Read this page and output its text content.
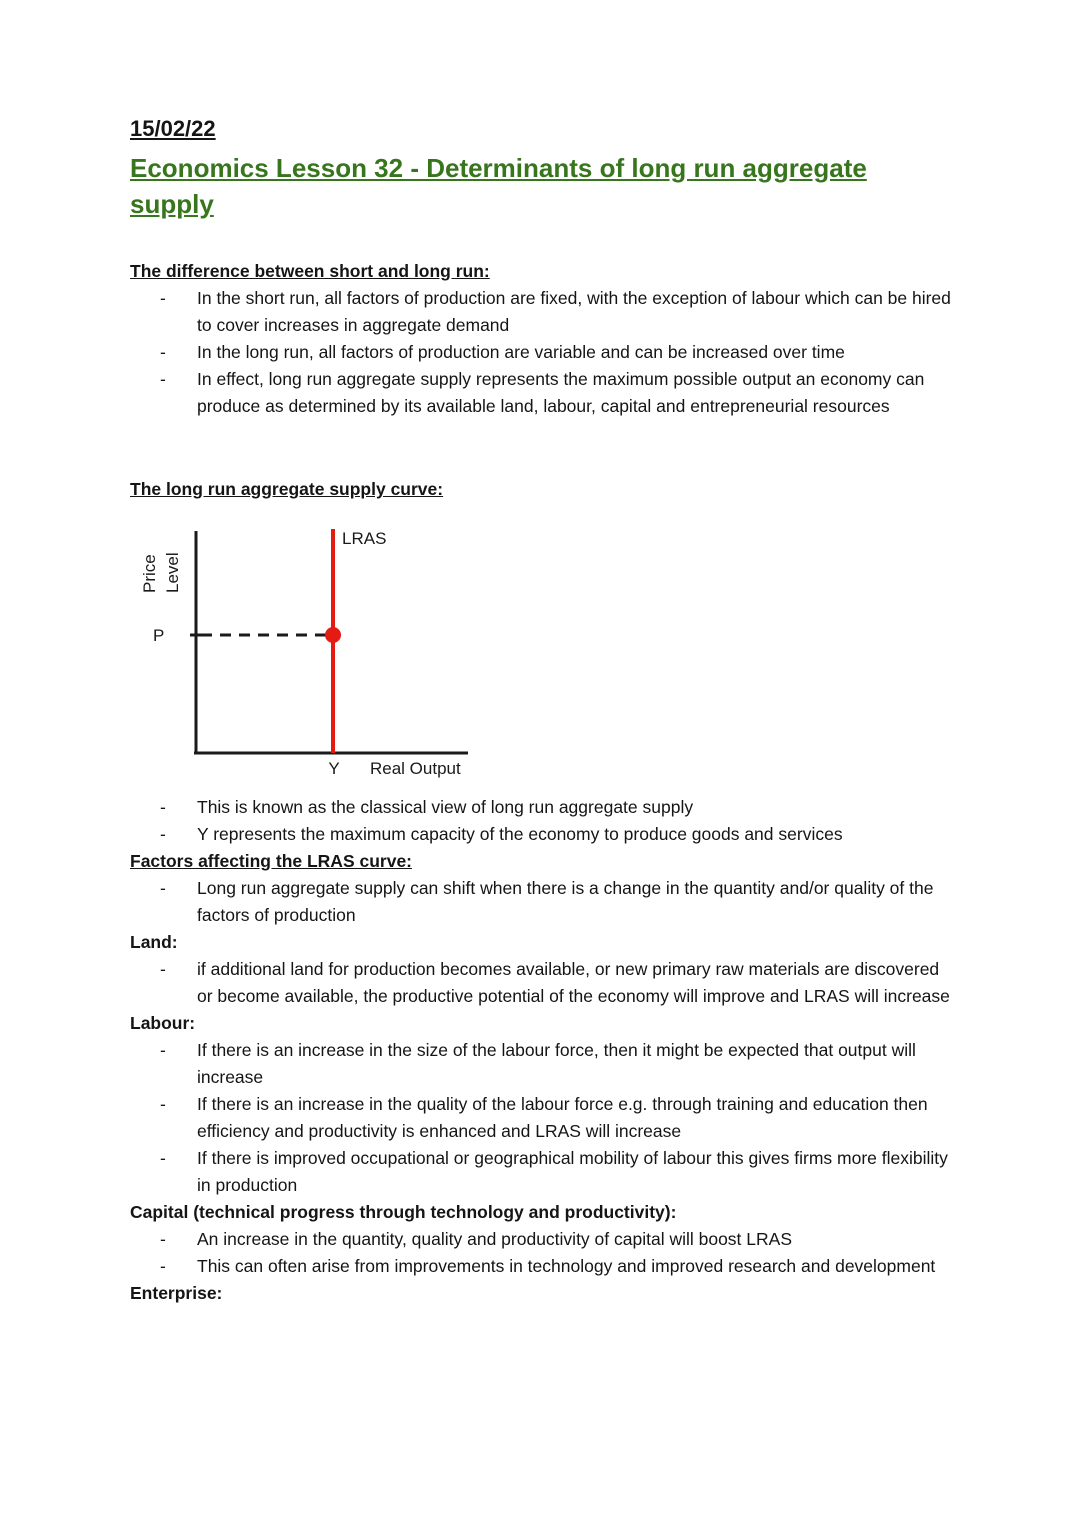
15/02/22

Economics Lesson 32 - Determinants of long run aggregate supply
The difference between short and long run:
-	In the short run, all factors of production are fixed, with the exception of labour which can be hired to cover increases in aggregate demand
-	In the long run, all factors of production are variable and can be increased over time
-	In effect, long run aggregate supply represents the maximum possible output an economy can produce as determined by its available land, labour, capital and entrepreneurial resources
The long run aggregate supply curve:
Price Level
LRAS
P
Y Real Output
-	This is known as the classical view of long run aggregate supply
-	Y represents the maximum capacity of the economy to produce goods and services
Factors affecting the LRAS curve:
-	Long run aggregate supply can shift when there is a change in the quantity and/or quality of the factors of production

Land:

-	if additional land for production becomes available, or new primary raw materials are discovered or become available, the productive potential of the economy will improve and LRAS will increase

Labour:

-	If there is an increase in the size of the labour force, then it might be expected that output will increase
-	If there is an increase in the quality of the labour force e.g. through training and education then efficiency and productivity is enhanced and LRAS will increase
-	If there is improved occupational or geographical mobility of labour this gives firms more flexibility in production

Capital (technical progress through technology and productivity):

-	An increase in the quantity, quality and productivity of capital will boost LRAS
-	This can often arise from improvements in technology and improved research and development

Enterprise:
